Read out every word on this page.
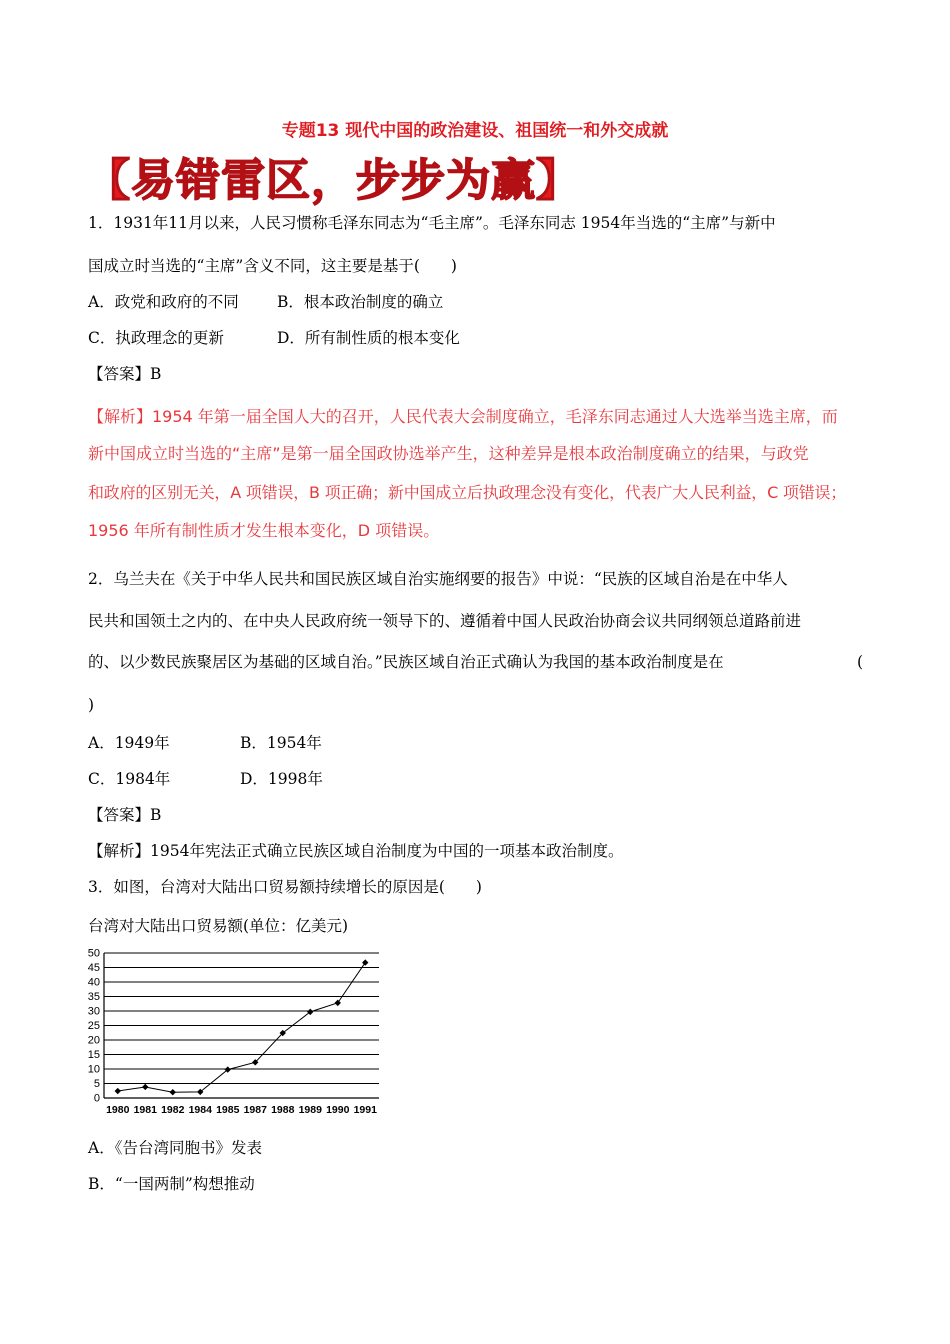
专题13 现代中国的政治建设、祖国统一和外交成就
【易错雷区，步步为赢】
1．1931年11月以来，人民习惯称毛泽东同志为“毛主席”。毛泽东同志 1954年当选的“主席”与新中
国成立时当选的“主席”含义不同，这主要是基于(　　)
A．政党和政府的不同 B．根本政治制度的确立
C．执政理念的更新	D．所有制性质的根本变化
【答案】B
【解析】1954 年第一届全国人大的召开，人民代表大会制度确立，毛泽东同志通过人大选举当选主席，而
新中国成立时当选的“主席”是第一届全国政协选举产生，这种差异是根本政治制度确立的结果，与政党
和政府的区别无关，A 项错误，B 项正确；新中国成立后执政理念没有变化，代表广大人民利益，C 项错误；
1956 年所有制性质才发生根本变化，D 项错误。
2．乌兰夫在《关于中华人民共和国民族区域自治实施纲要的报告》中说：“民族的区域自治是在中华人
民共和国领土之内的、在中央人民政府统一领导下的、遵循着中国人民政治协商会议共同纲领总道路前进
的、以少数民族聚居区为基础的区域自治。”民族区域自治正式确认为我国的基本政治制度是在	(
)
A．1949年	B．1954年
C．1984年	D．1998年
【答案】B
【解析】1954年宪法正式确立民族区域自治制度为中国的一项基本政治制度。
3．如图，台湾对大陆出口贸易额持续增长的原因是(　　)
台湾对大陆出口贸易额(单位：亿美元)
0
5
10
15
20
25
30
35
40
45
50
1980 1981 1982 1984 1985 1987 1988 1989 1990 1991
A．《告台湾同胞书》发表
B．“一国两制”构想推动
